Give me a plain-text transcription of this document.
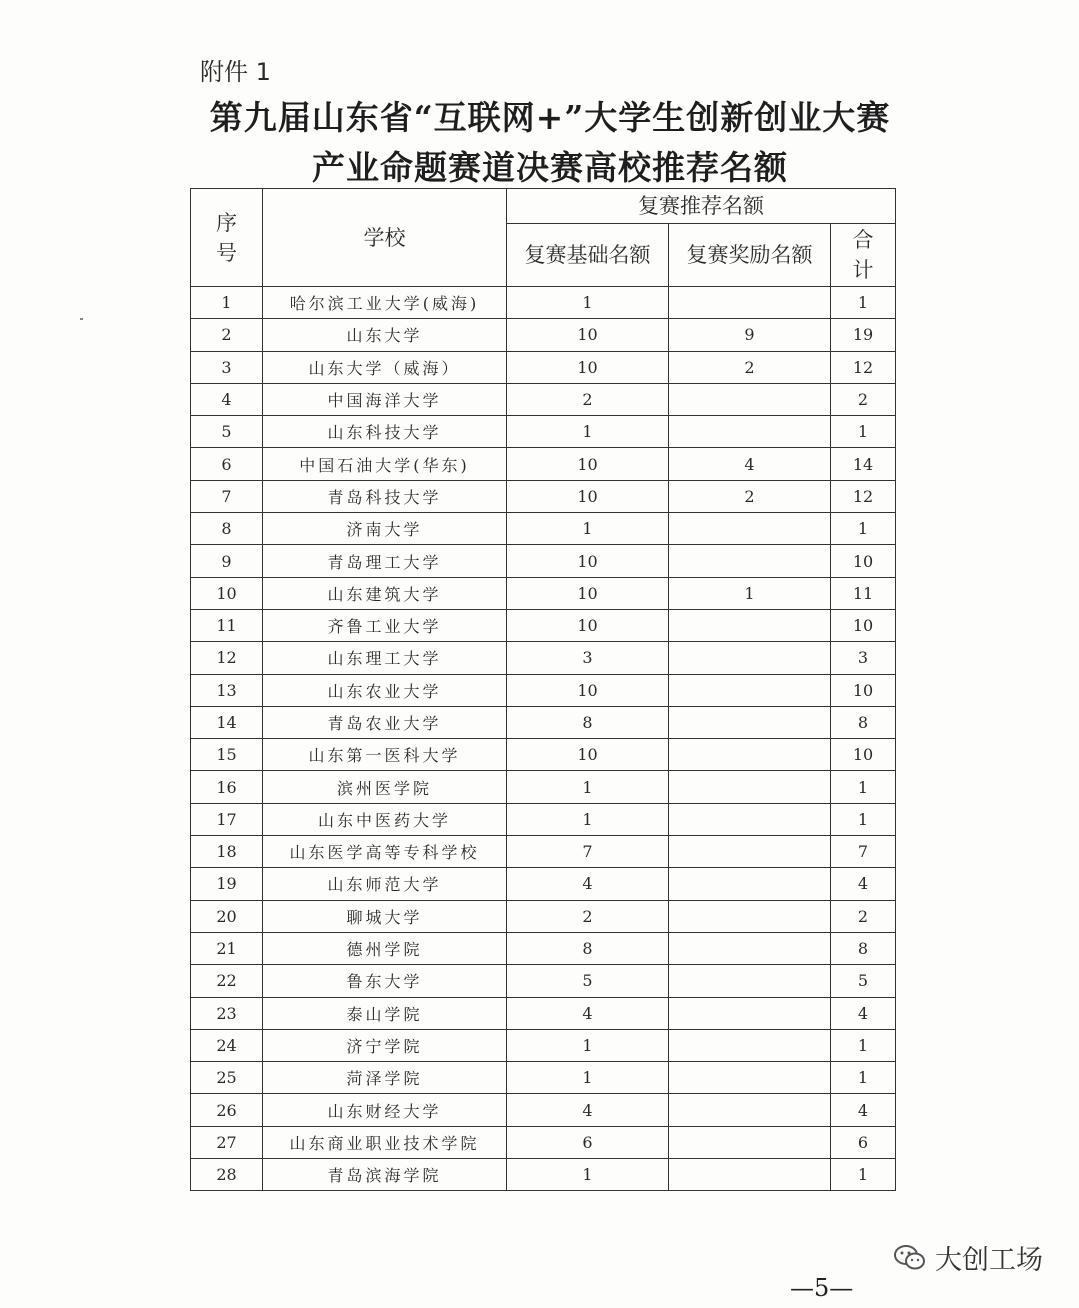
附件 1
第九届山东省“互联网+”大学生创新创业大赛
产业命题赛道决赛高校推荐名额
序号	学校	复赛推荐名额		
		复赛基础名额	复赛奖励名额	合计
1	哈尔滨工业大学(威海)	1		1
2	山东大学	10	9	19
3	山东大学（威海）	10	2	12
4	中国海洋大学	2		2
5	山东科技大学	1		1
6	中国石油大学(华东)	10	4	14
7	青岛科技大学	10	2	12
8	济南大学	1		1
9	青岛理工大学	10		10
10	山东建筑大学	10	1	11
11	齐鲁工业大学	10		10
12	山东理工大学	3		3
13	山东农业大学	10		10
14	青岛农业大学	8		8
15	山东第一医科大学	10		10
16	滨州医学院	1		1
17	山东中医药大学	1		1
18	山东医学高等专科学校	7		7
19	山东师范大学	4		4
20	聊城大学	2		2
21	德州学院	8		8
22	鲁东大学	5		5
23	泰山学院	4		4
24	济宁学院	1		1
25	菏泽学院	1		1
26	山东财经大学	4		4
27	山东商业职业技术学院	6		6
28	青岛滨海学院	1		1
大创工场
—5—
